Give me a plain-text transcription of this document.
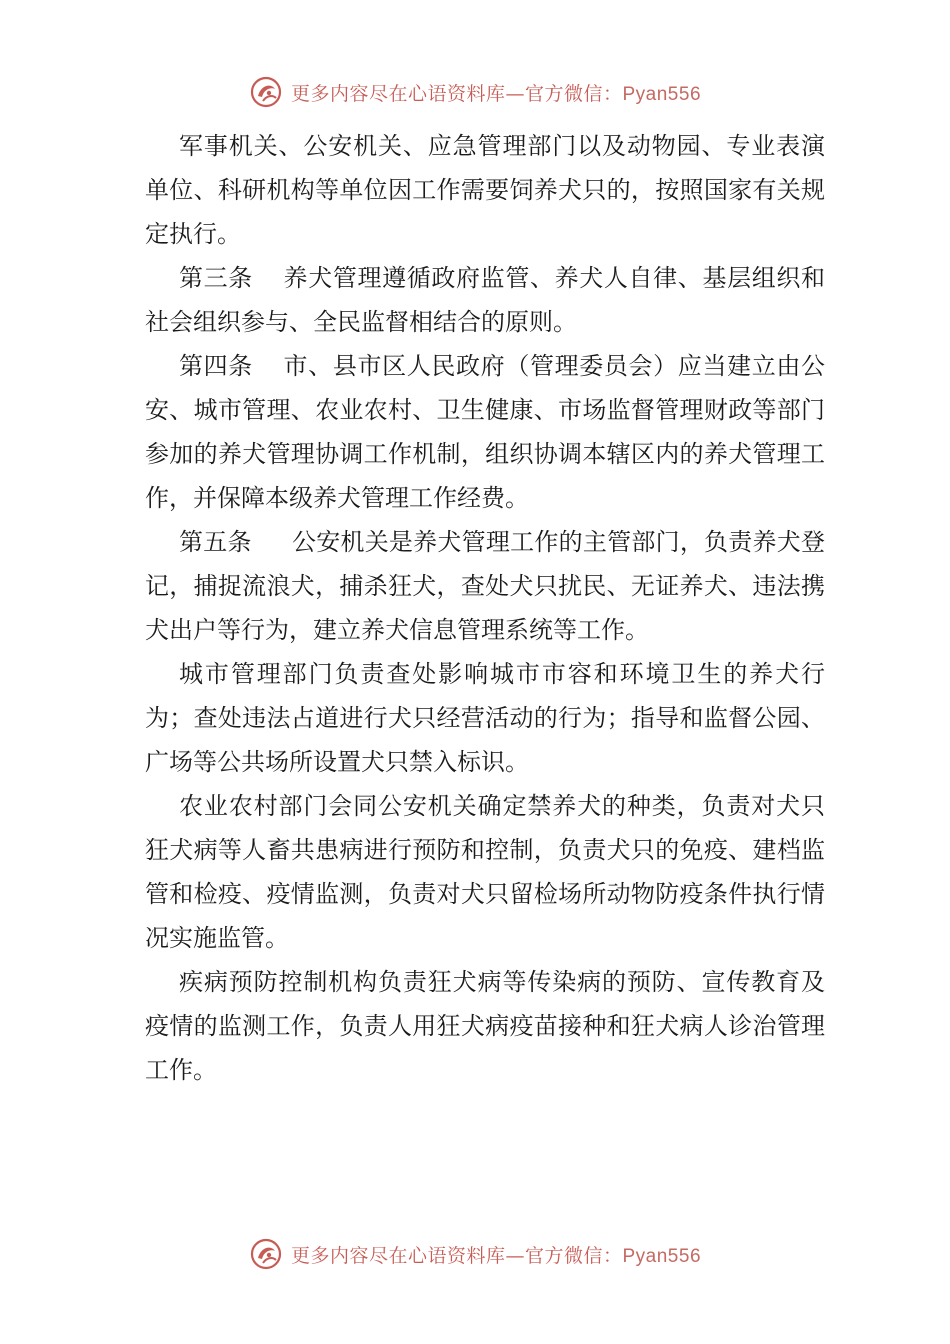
更多内容尽在心语资料库—官方微信：Pyan556

军事机关、公安机关、应急管理部门以及动物园、专业表演单位、科研机构等单位因工作需要饲养犬只的，按照国家有关规定执行。

第三条 养犬管理遵循政府监管、养犬人自律、基层组织和社会组织参与、全民监督相结合的原则。

第四条 市、县市区人民政府（管理委员会）应当建立由公安、城市管理、农业农村、卫生健康、市场监督管理财政等部门参加的养犬管理协调工作机制，组织协调本辖区内的养犬管理工作，并保障本级养犬管理工作经费。

第五条 公安机关是养犬管理工作的主管部门，负责养犬登记，捕捉流浪犬，捕杀狂犬，查处犬只扰民、无证养犬、违法携犬出户等行为，建立养犬信息管理系统等工作。

城市管理部门负责查处影响城市市容和环境卫生的养犬行为；查处违法占道进行犬只经营活动的行为；指导和监督公园、广场等公共场所设置犬只禁入标识。

农业农村部门会同公安机关确定禁养犬的种类，负责对犬只狂犬病等人畜共患病进行预防和控制，负责犬只的免疫、建档监管和检疫、疫情监测，负责对犬只留检场所动物防疫条件执行情况实施监管。

疾病预防控制机构负责狂犬病等传染病的预防、宣传教育及疫情的监测工作，负责人用狂犬病疫苗接种和狂犬病人诊治管理工作。

更多内容尽在心语资料库—官方微信：Pyan556
